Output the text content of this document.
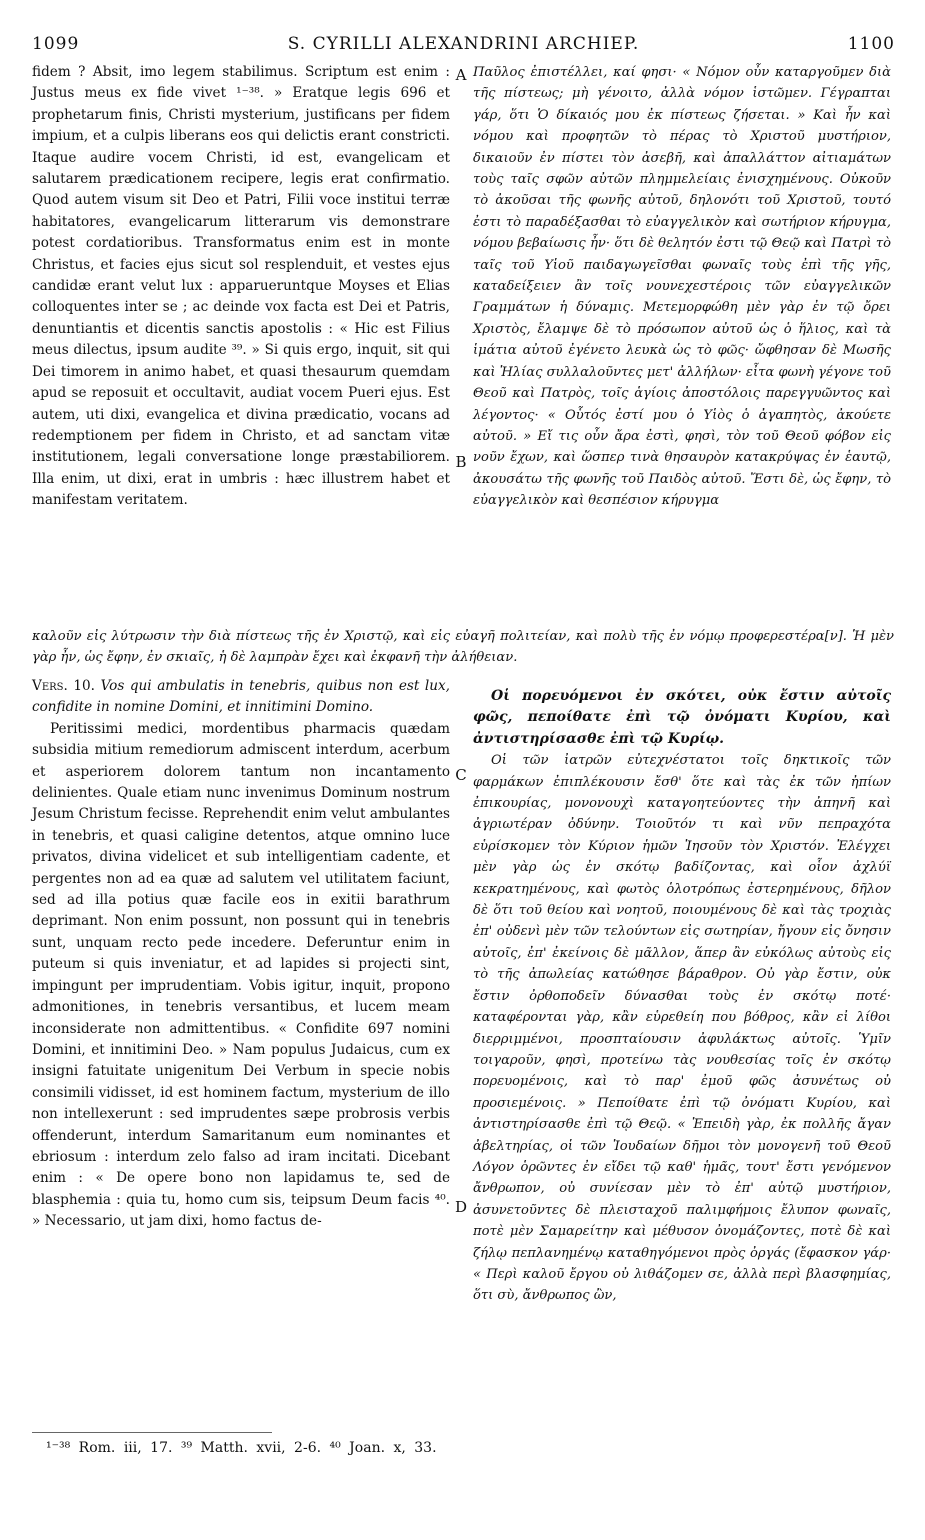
1099	S. CYRILLI ALEXANDRINI ARCHIEP.	1100

fidem ? Absit, imo legem stabilimus. Scriptum est enim : Justus meus ex fide vivet ¹⁻³⁸. » Eratque legis 696 et prophetarum finis, Christi mysterium, justificans per fidem impium, et a culpis liberans eos qui delictis erant constricti. Itaque audire vocem Christi, id est, evangelicam et salutarem prædicationem recipere, legis erat confirmatio. Quod autem visum sit Deo et Patri, Filii voce institui terræ habitatores, evangelicarum litterarum vis demonstrare potest cordatioribus. Transformatus enim est in monte Christus, et facies ejus sicut sol resplenduit, et vestes ejus candidæ erant velut lux : apparueruntque Moyses et Elias colloquentes inter se ; ac deinde vox facta est Dei et Patris, denuntiantis et dicentis sanctis apostolis : « Hic est Filius meus dilectus, ipsum audite ³⁹. » Si quis ergo, inquit, sit qui Dei timorem in animo habet, et quasi thesaurum quemdam apud se reposuit et occultavit, audiat vocem Pueri ejus. Est autem, uti dixi, evangelica et divina prædicatio, vocans ad redemptionem per fidem in Christo, et ad sanctam vitæ institutionem, legali conversatione longe præstabiliorem. Illa enim, ut dixi, erat in umbris : hæc illustrem habet et manifestam veritatem.

Παῦλος ἐπιστέλλει, καί φησι· « Νόμον οὖν καταργοῦμεν διὰ τῆς πίστεως; μὴ γένοιτο, ἀλλὰ νόμον ἱστῶμεν. Γέγραπται γάρ, ὅτι Ὁ δίκαιός μου ἐκ πίστεως ζήσεται. » Καὶ ἦν καὶ νόμου καὶ προφητῶν τὸ πέρας τὸ Χριστοῦ μυστήριον, δικαιοῦν ἐν πίστει τὸν ἀσεβῆ, καὶ ἀπαλλάττον αἰτιαμάτων τοὺς ταῖς σφῶν αὐτῶν πλημμελείαις ἐνισχημένους. Οὐκοῦν τὸ ἀκοῦσαι τῆς φωνῆς αὐτοῦ, δηλονότι τοῦ Χριστοῦ, τουτό ἐστι τὸ παραδέξασθαι τὸ εὐαγγελικὸν καὶ σωτήριον κήρυγμα, νόμου βεβαίωσις ἦν· ὅτι δὲ θελητόν ἐστι τῷ Θεῷ καὶ Πατρὶ τὸ ταῖς τοῦ Υἱοῦ παιδαγωγεῖσθαι φωναῖς τοὺς ἐπὶ τῆς γῆς, καταδείξειεν ἂν τοῖς νουνεχεστέροις τῶν εὐαγγελικῶν Γραμμάτων ἡ δύναμις. Μετεμορφώθη μὲν γὰρ ἐν τῷ ὄρει Χριστὸς, ἔλαμψε δὲ τὸ πρόσωπον αὐτοῦ ὡς ὁ ἥλιος, καὶ τὰ ἱμάτια αὐτοῦ ἐγένετο λευκὰ ὡς τὸ φῶς· ὤφθησαν δὲ Μωσῆς καὶ Ἠλίας συλλαλοῦντες μετ' ἀλλήλων· εἶτα φωνὴ γέγονε τοῦ Θεοῦ καὶ Πατρὸς, τοῖς ἁγίοις ἀποστόλοις παρεγγυῶντος καὶ λέγοντος· « Οὗτός ἐστί μου ὁ Υἱὸς ὁ ἀγαπητὸς, ἀκούετε αὐτοῦ. » Εἴ τις οὖν ἄρα ἐστὶ, φησὶ, τὸν τοῦ Θεοῦ φόβον εἰς νοῦν ἔχων, καὶ ὥσπερ τινὰ θησαυρὸν κατακρύψας ἐν ἑαυτῷ, ἀκουσάτω τῆς φωνῆς τοῦ Παιδὸς αὐτοῦ. Ἔστι δὲ, ὡς ἔφην, τὸ εὐαγγελικὸν καὶ θεσπέσιον κήρυγμα

A
B
C
D
καλοῦν εἰς λύτρωσιν τὴν διὰ πίστεως τῆς ἐν Χριστῷ, καὶ εἰς εὐαγῆ πολιτείαν, καὶ πολὺ τῆς ἐν νόμῳ προφερεστέρα[ν]. Ἡ μὲν γὰρ ἦν, ὡς ἔφην, ἐν σκιαῖς, ἡ δὲ λαμπρὰν ἔχει καὶ ἐκφανῆ τὴν ἀλήθειαν.

Vers. 10. Vos qui ambulatis in tenebris, quibus non est lux, confidite in nomine Domini, et innitimini Domino.

Peritissimi medici, mordentibus pharmacis quædam subsidia mitium remediorum admiscent interdum, acerbum et asperiorem dolorem tantum non incantamento delinientes. Quale etiam nunc invenimus Dominum nostrum Jesum Christum fecisse. Reprehendit enim velut ambulantes in tenebris, et quasi caligine detentos, atque omnino luce privatos, divina videlicet et sub intelligentiam cadente, et pergentes non ad ea quæ ad salutem vel utilitatem faciunt, sed ad illa potius quæ facile eos in exitii barathrum deprimant. Non enim possunt, non possunt qui in tenebris sunt, unquam recto pede incedere. Deferuntur enim in puteum si quis inveniatur, et ad lapides si projecti sint, impingunt per imprudentiam. Vobis igitur, inquit, propono admonitiones, in tenebris versantibus, et lucem meam inconsiderate non admittentibus. « Confidite 697 nomini Domini, et innitimini Deo. » Nam populus Judaicus, cum ex insigni fatuitate unigenitum Dei Verbum in specie nobis consimili vidisset, id est hominem factum, mysterium de illo non intellexerunt : sed imprudentes sæpe probrosis verbis offenderunt, interdum Samaritanum eum nominantes et ebriosum : interdum zelo falso ad iram incitati. Dicebant enim : « De opere bono non lapidamus te, sed de blasphemia : quia tu, homo cum sis, teipsum Deum facis ⁴⁰. » Necessario, ut jam dixi, homo factus de-

Οἱ πορευόμενοι ἐν σκότει, οὐκ ἔστιν αὐτοῖς φῶς, πεποίθατε ἐπὶ τῷ ὀνόματι Κυρίου, καὶ ἀντιστηρίσασθε ἐπὶ τῷ Κυρίῳ.

Οἱ τῶν ἰατρῶν εὐτεχνέστατοι τοῖς δηκτικοῖς τῶν φαρμάκων ἐπιπλέκουσιν ἔσθ' ὅτε καὶ τὰς ἐκ τῶν ἠπίων ἐπικουρίας, μονονουχὶ καταγοητεύοντες τὴν ἀπηνῆ καὶ ἀγριωτέραν ὀδύνην. Τοιοῦτόν τι καὶ νῦν πεπραχότα εὑρίσκομεν τὸν Κύριον ἡμῶν Ἰησοῦν τὸν Χριστόν. Ἐλέγχει μὲν γὰρ ὡς ἐν σκότῳ βαδίζοντας, καὶ οἷον ἀχλύϊ κεκρατημένους, καὶ φωτὸς ὁλοτρόπως ἐστερημένους, δῆλον δὲ ὅτι τοῦ θείου καὶ νοητοῦ, ποιουμένους δὲ καὶ τὰς τροχιὰς ἐπ' οὐδενὶ μὲν τῶν τελούντων εἰς σωτηρίαν, ἤγουν εἰς ὄνησιν αὐτοῖς, ἐπ' ἐκείνοις δὲ μᾶλλον, ἅπερ ἂν εὐκόλως αὐτοὺς εἰς τὸ τῆς ἀπωλείας κατώθησε βάραθρον. Οὐ γὰρ ἔστιν, οὐκ ἔστιν ὀρθοποδεῖν δύνασθαι τοὺς ἐν σκότῳ ποτέ· καταφέρονται γὰρ, κἂν εὑρεθείη που βόθρος, κἂν εἰ λίθοι διερριμμένοι, προσπταίουσιν ἀφυλάκτως αὐτοῖς. Ὑμῖν τοιγαροῦν, φησὶ, προτείνω τὰς νουθεσίας τοῖς ἐν σκότῳ πορευομένοις, καὶ τὸ παρ' ἐμοῦ φῶς ἀσυνέτως οὐ προσιεμένοις. » Πεποίθατε ἐπὶ τῷ ὀνόματι Κυρίου, καὶ ἀντιστηρίσασθε ἐπὶ τῷ Θεῷ. « Ἐπειδὴ γὰρ, ἐκ πολλῆς ἄγαν ἀβελτηρίας, οἱ τῶν Ἰουδαίων δῆμοι τὸν μονογενῆ τοῦ Θεοῦ Λόγον ὁρῶντες ἐν εἴδει τῷ καθ' ἡμᾶς, τουτ' ἔστι γενόμενον ἄνθρωπον, οὐ συνίεσαν μὲν τὸ ἐπ' αὐτῷ μυστήριον, ἀσυνετοῦντες δὲ πλεισταχοῦ παλιμφήμοις ἔλυπον φωναῖς, ποτὲ μὲν Σαμαρείτην καὶ μέθυσον ὀνομάζοντες, ποτὲ δὲ καὶ ζήλῳ πεπλανημένῳ καταθηγόμενοι πρὸς ὀργάς (ἔφασκον γάρ· « Περὶ καλοῦ ἔργου οὐ λιθάζομεν σε, ἀλλὰ περὶ βλασφημίας, ὅτι σὺ, ἄνθρωπος ὢν,

¹⁻³⁸ Rom. iii, 17. ³⁹ Matth. xvii, 2-6. ⁴⁰ Joan. x, 33.
